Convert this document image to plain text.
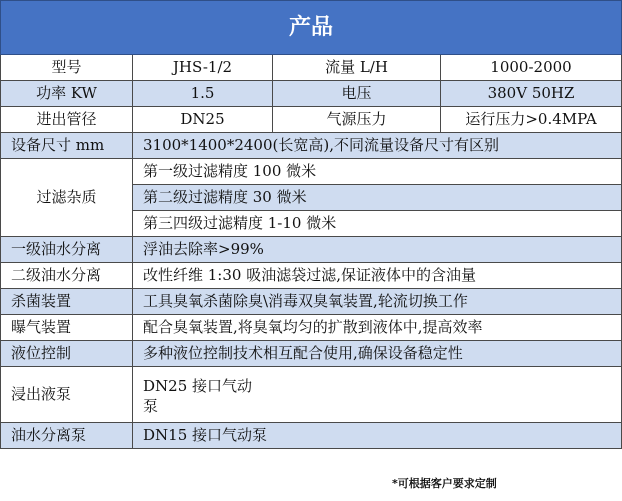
产品			
型号	JHS-1/2	流量 L/H	1000-2000
功率 KW	1.5	电压	380V 50HZ
进出管径	DN25	气源压力	运行压力>0.4MPA
设备尺寸 mm	3100*1400*2400(长宽高),不同流量设备尺寸有区别		
过滤杂质	第一级过滤精度 100 微米		
	第二级过滤精度 30 微米		
	第三四级过滤精度 1-10 微米		
一级油水分离	浮油去除率>99%		
二级油水分离	改性纤维 1:30 吸油滤袋过滤,保证液体中的含油量		
杀菌装置	工具臭氧杀菌除臭\消毒双臭氧装置,轮流切换工作		
曝气装置	配合臭氧装置,将臭氧均匀的扩散到液体中,提高效率		
液位控制	多种液位控制技术相互配合使用,确保设备稳定性		
浸出液泵	DN25 接口气动
泵		

油水分离泵	DN15 接口气动泵		
*可根据客户要求定制
